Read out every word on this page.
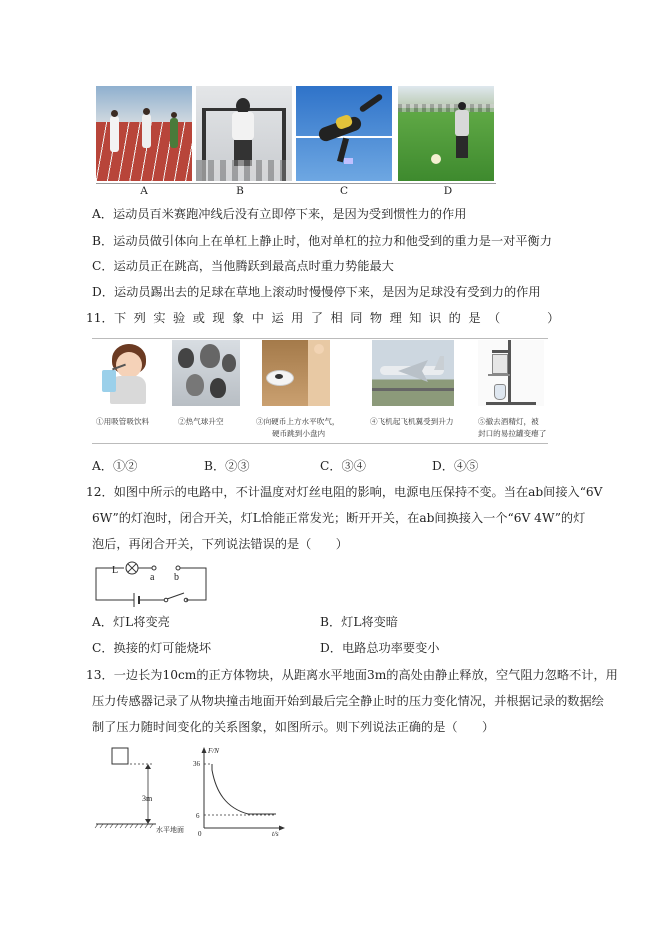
A	B	C	D
A．运动员百米赛跑冲线后没有立即停下来，是因为受到惯性力的作用
B．运动员做引体向上在单杠上静止时，他对单杠的拉力和他受到的重力是一对平衡力
C．运动员正在跳高，当他腾跃到最高点时重力势能最大
D．运动员踢出去的足球在草地上滚动时慢慢停下来，是因为足球没有受到力的作用
11． 下列实验或现象中运用了相同物理知识的是（　　）
①用吸管吸饮料	②热气球升空	③向硬币上方水平吹气，
硬币跳到小盘内
④飞机起飞机翼受到升力	⑤撤去酒精灯，被
封口的易拉罐变瘪了
A．①②	B．②③	C．③④	D．④⑤
12．如图中所示的电路中，不计温度对灯丝电阻的影响，电源电压保持不变。当在ab间接入“6V
6W”的灯泡时，闭合开关，灯L恰能正常发光；断开开关，在ab间换接入一个“6V 4W”的灯
泡后，再闭合开关，下列说法错误的是（　　）
L
a b
A．灯L将变亮	B．灯L将变暗
C．换接的灯可能烧坏	D．电路总功率要变小
13．一边长为10cm的正方体物块，从距离水平地面3m的高处由静止释放，空气阻力忽略不计，用
压力传感器记录了从物块撞击地面开始到最后完全静止时的压力变化情况，并根据记录的数据绘
制了压力随时间变化的关系图象，如图所示。则下列说法正确的是（　　）
3m
水平地面
F/N
t/s
0
36
6
